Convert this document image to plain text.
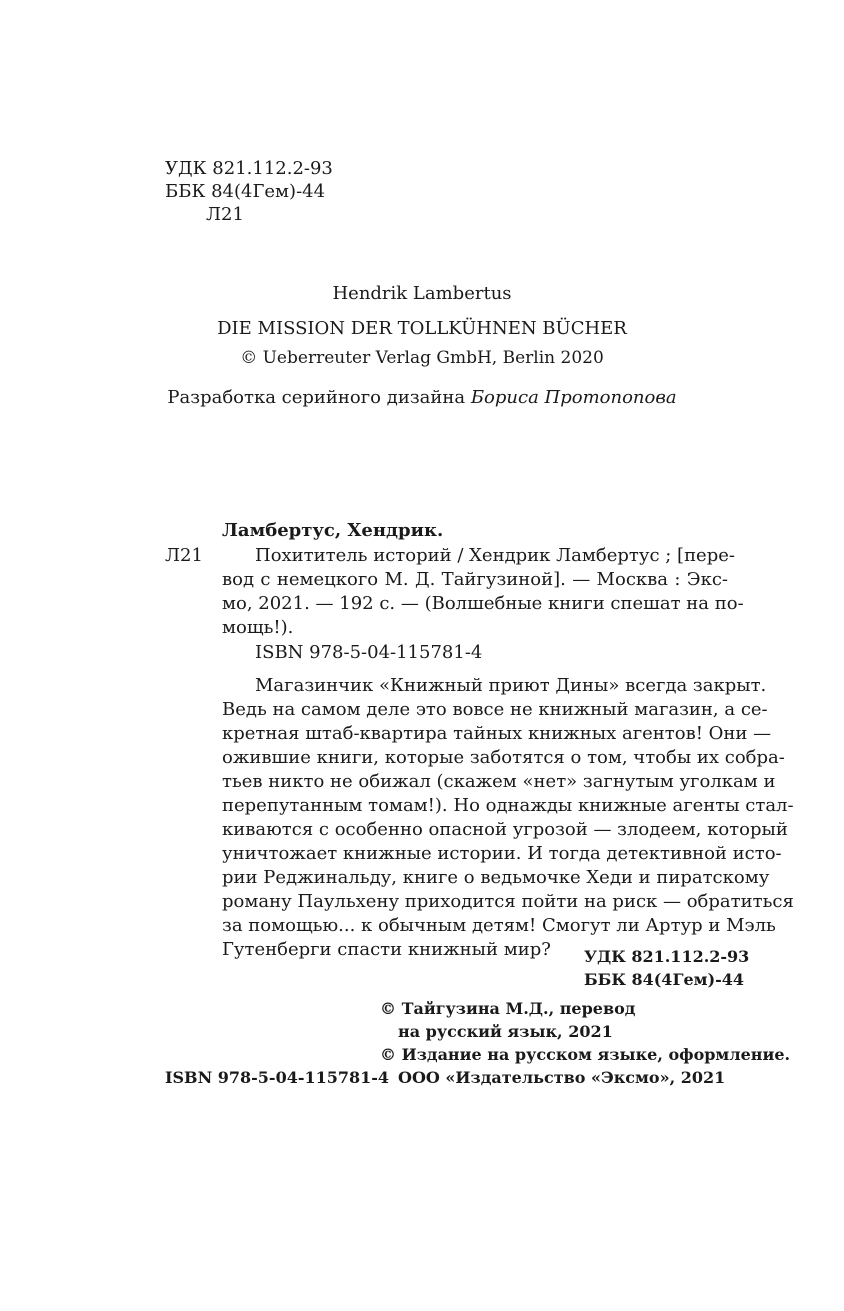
УДК 821.112.2-93
ББК 84(4Гем)-44
Л21
Hendrik Lambertus
DIE MISSION DER TOLLKÜHNEN BÜCHER
© Ueberreuter Verlag GmbH, Berlin 2020
Разработка серийного дизайна Бориса Протопопова
Ламбертус, Хендрик.
Л21	Похититель историй / Хендрик Ламбертус ; [пере-
вод с немецкого М. Д. Тайгузиной]. — Москва : Экс-
мо, 2021. — 192 с. — (Волшебные книги спешат на по-
мощь!).
ISBN 978-5-04-115781-4
Магазинчик «Книжный приют Дины» всегда закрыт.
Ведь на самом деле это вовсе не книжный магазин, а се-
кретная штаб-квартира тайных книжных агентов! Они —
ожившие книги, которые заботятся о том, чтобы их собра-
тьев никто не обижал (скажем «нет» загнутым уголкам и
перепутанным томам!). Но однажды книжные агенты стал-
киваются с особенно опасной угрозой — злодеем, который
уничтожает книжные истории. И тогда детективной исто-
рии Реджинальду, книге о ведьмочке Хеди и пиратскому
роману Паульхену приходится пойти на риск — обратиться
за помощью... к обычным детям! Смогут ли Артур и Мэль
Гутенберги спасти книжный мир? УДК 821.112.2-93
ББК 84(4Гем)-44
© Тайгузина М.Д., перевод
на русский язык, 2021
© Издание на русском языке, оформление.
ISBN 978-5-04-115781-4 ООО «Издательство «Эксмо», 2021
